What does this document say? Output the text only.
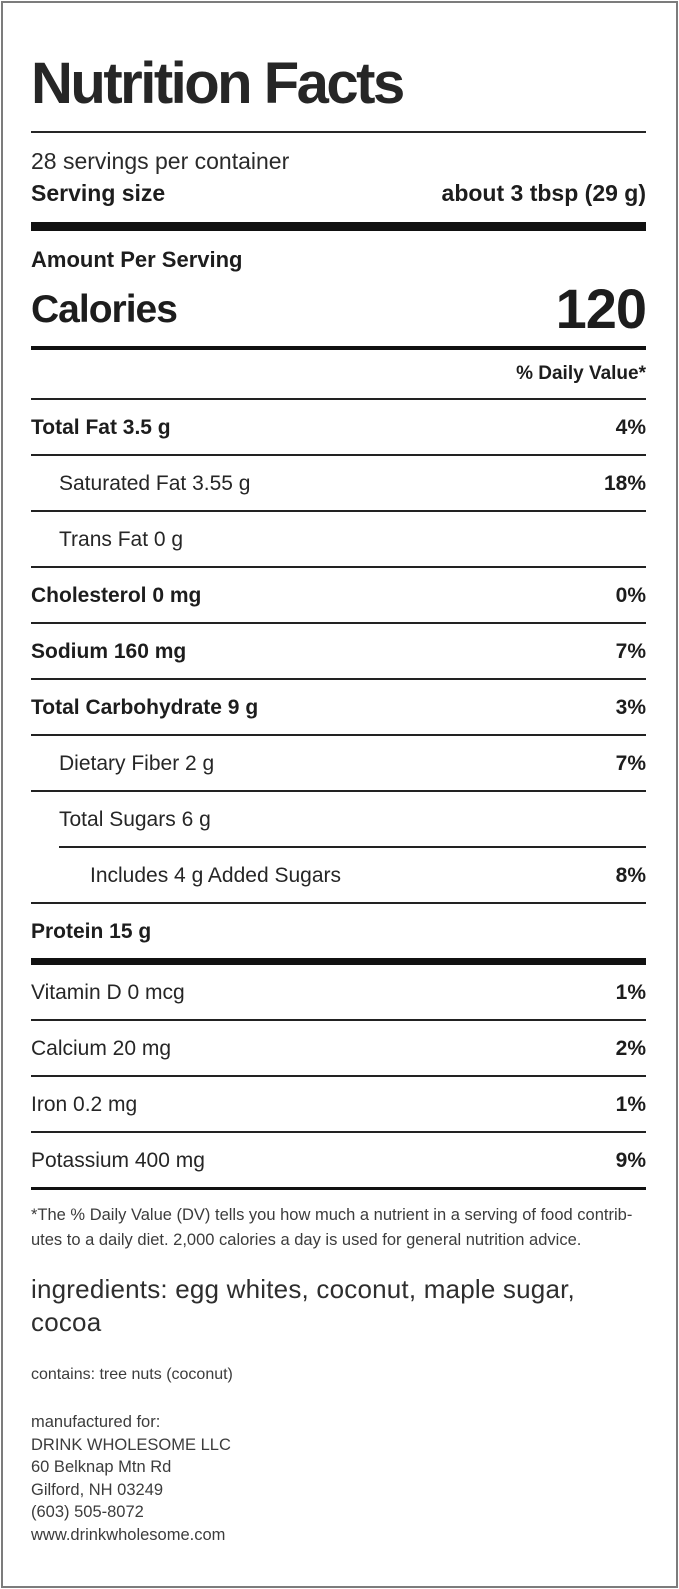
Nutrition Facts
28 servings per container
Serving size	about 3 tbsp (29 g)
Amount Per Serving
Calories	120
% Daily Value*
Total Fat 3.5 g	4%
Saturated Fat 3.55 g	18%
Trans Fat 0 g
Cholesterol 0 mg	0%
Sodium 160 mg	7%
Total Carbohydrate 9 g	3%
Dietary Fiber 2 g	7%
Total Sugars 6 g
Includes 4 g Added Sugars	8%
Protein 15 g
Vitamin D 0 mcg	1%
Calcium 20 mg	2%
Iron 0.2 mg	1%
Potassium 400 mg	9%
*The % Daily Value (DV) tells you how much a nutrient in a serving of food contrib-
utes to a daily diet. 2,000 calories a day is used for general nutrition advice.
ingredients: egg whites, coconut, maple sugar, cocoa
contains: tree nuts (coconut)
manufactured for:
DRINK WHOLESOME LLC
60 Belknap Mtn Rd
Gilford, NH 03249
(603) 505-8072
www.drinkwholesome.com
